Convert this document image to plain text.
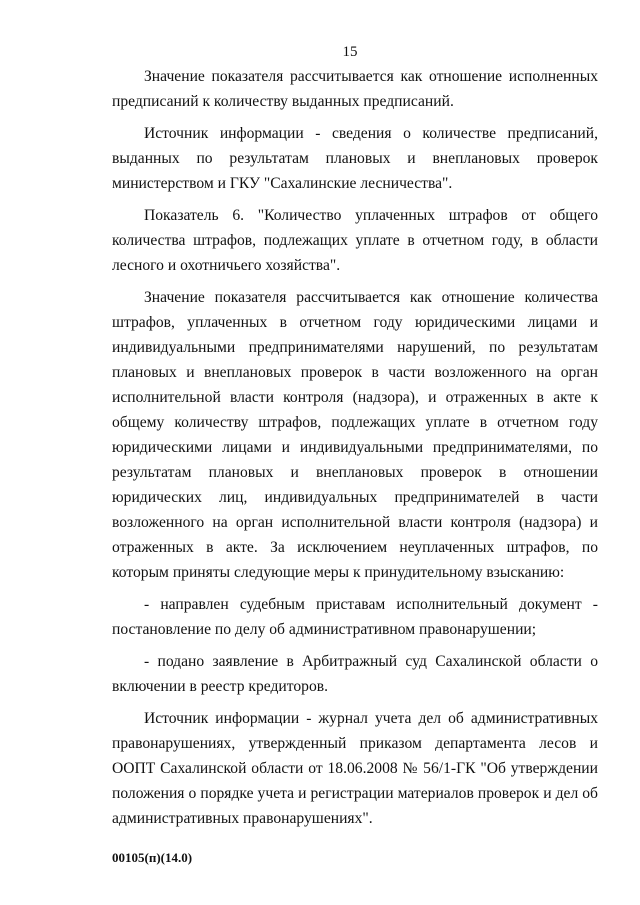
15

Значение показателя рассчитывается как отношение исполненных предписаний к количеству выданных предписаний.

Источник информации - сведения о количестве предписаний, выданных по результатам плановых и внеплановых проверок министерством и ГКУ "Сахалинские лесничества".

Показатель 6. "Количество уплаченных штрафов от общего количества штрафов, подлежащих уплате в отчетном году, в области лесного и охотничьего хозяйства".

Значение показателя рассчитывается как отношение количества штрафов, уплаченных в отчетном году юридическими лицами и индивидуальными предпринимателями нарушений, по результатам плановых и внеплановых проверок в части возложенного на орган исполнительной власти контроля (надзора), и отраженных в акте к общему количеству штрафов, подлежащих уплате в отчетном году юридическими лицами и индивидуальными предпринимателями, по результатам плановых и внеплановых проверок в отношении юридических лиц, индивидуальных предпринимателей в части возложенного на орган исполнительной власти контроля (надзора) и отраженных в акте. За исключением неуплаченных штрафов, по которым приняты следующие меры к принудительному взысканию:

- направлен судебным приставам исполнительный документ - постановление по делу об административном правонарушении;

- подано заявление в Арбитражный суд Сахалинской области о включении в реестр кредиторов.

Источник информации - журнал учета дел об административных правонарушениях, утвержденный приказом департамента лесов и ООПТ Сахалинской области от 18.06.2008 № 56/1-ГК "Об утверждении положения о порядке учета и регистрации материалов проверок и дел об административных правонарушениях".

00105(п)(14.0)
